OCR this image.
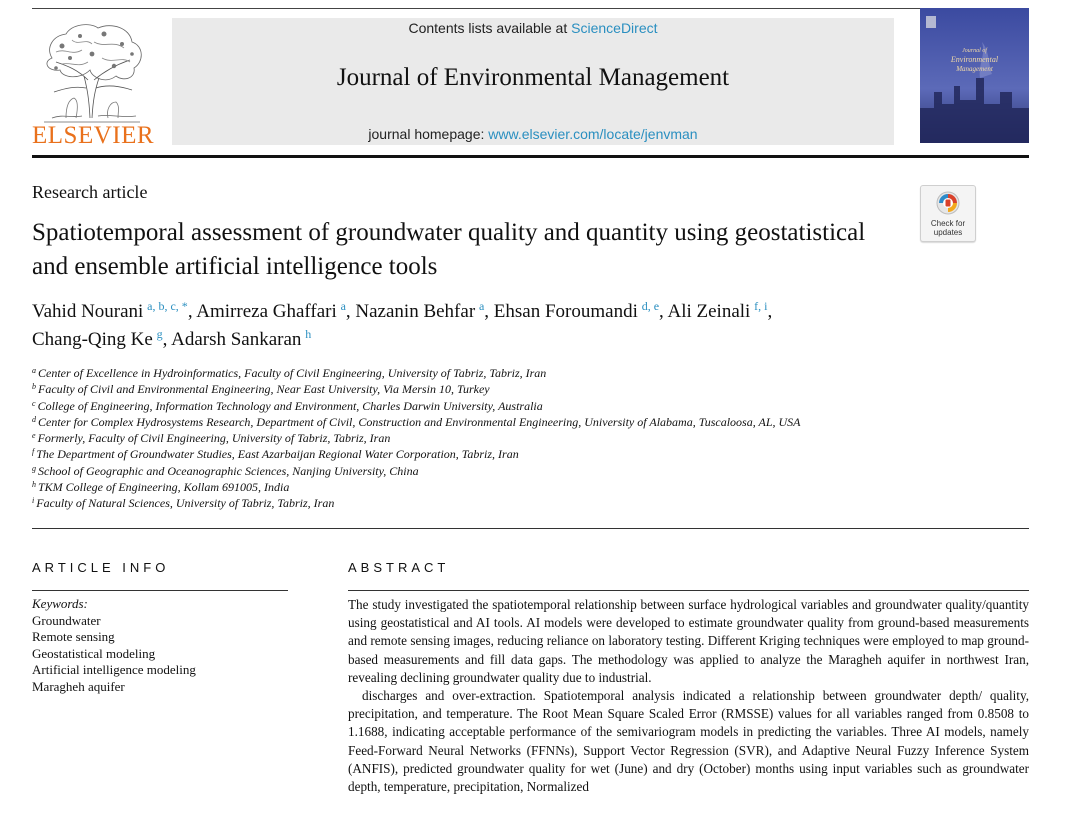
ELSEVIER
Contents lists available at ScienceDirect
Journal of Environmental Management
journal homepage: www.elsevier.com/locate/jenvman
Journal of
Environmental
Management
Research article
Spatiotemporal assessment of groundwater quality and quantity using geostatistical and ensemble artificial intelligence tools
Check for
updates
Vahid Nourani  $^{a, b, c, *}$, Amirreza Ghaffari  $^a$, Nazanin Behfar  $^a$, Ehsan Foroumandi  $^{d, e}$, Ali Zeinali  $^{f, i}$,
Chang-Qing Ke  $^g$, Adarsh Sankaran  $^h$
$^a$ Center of Excellence in Hydroinformatics, Faculty of Civil Engineering, University of Tabriz, Tabriz, Iran
$^b$ Faculty of Civil and Environmental Engineering, Near East University, Via Mersin 10, Turkey
$^c$ College of Engineering, Information Technology and Environment, Charles Darwin University, Australia
$^d$ Center for Complex Hydrosystems Research, Department of Civil, Construction and Environmental Engineering, University of Alabama, Tuscaloosa, AL, USA
$^e$ Formerly, Faculty of Civil Engineering, University of Tabriz, Tabriz, Iran
$^f$ The Department of Groundwater Studies, East Azarbaijan Regional Water Corporation, Tabriz, Iran
$^g$ School of Geographic and Oceanographic Sciences, Nanjing University, China
$^h$ TKM College of Engineering, Kollam 691005, India
$^i$ Faculty of Natural Sciences, University of Tabriz, Tabriz, Iran
ARTICLE INFO
Keywords:
Groundwater
Remote sensing
Geostatistical modeling
Artificial intelligence modeling
Maragheh aquifer
ABSTRACT

The study investigated the spatiotemporal relationship between surface hydrological variables and groundwater quality/quantity using geostatistical and AI tools. AI models were developed to estimate groundwater quality from ground-based measurements and remote sensing images, reducing reliance on laboratory testing. Different Kriging techniques were employed to map ground-based measurements and fill data gaps. The methodology was applied to analyze the Maragheh aquifer in northwest Iran, revealing declining groundwater quality due to industrial.

discharges and over-extraction. Spatiotemporal analysis indicated a relationship between groundwater depth/ quality, precipitation, and temperature. The Root Mean Square Scaled Error (RMSSE) values for all variables ranged from 0.8508 to 1.1688, indicating acceptable performance of the semivariogram models in predicting the variables. Three AI models, namely Feed-Forward Neural Networks (FFNNs), Support Vector Regression (SVR), and Adaptive Neural Fuzzy Inference System (ANFIS), predicted groundwater quality for wet (June) and dry (October) months using input variables such as groundwater depth, temperature, precipitation, Normalized
